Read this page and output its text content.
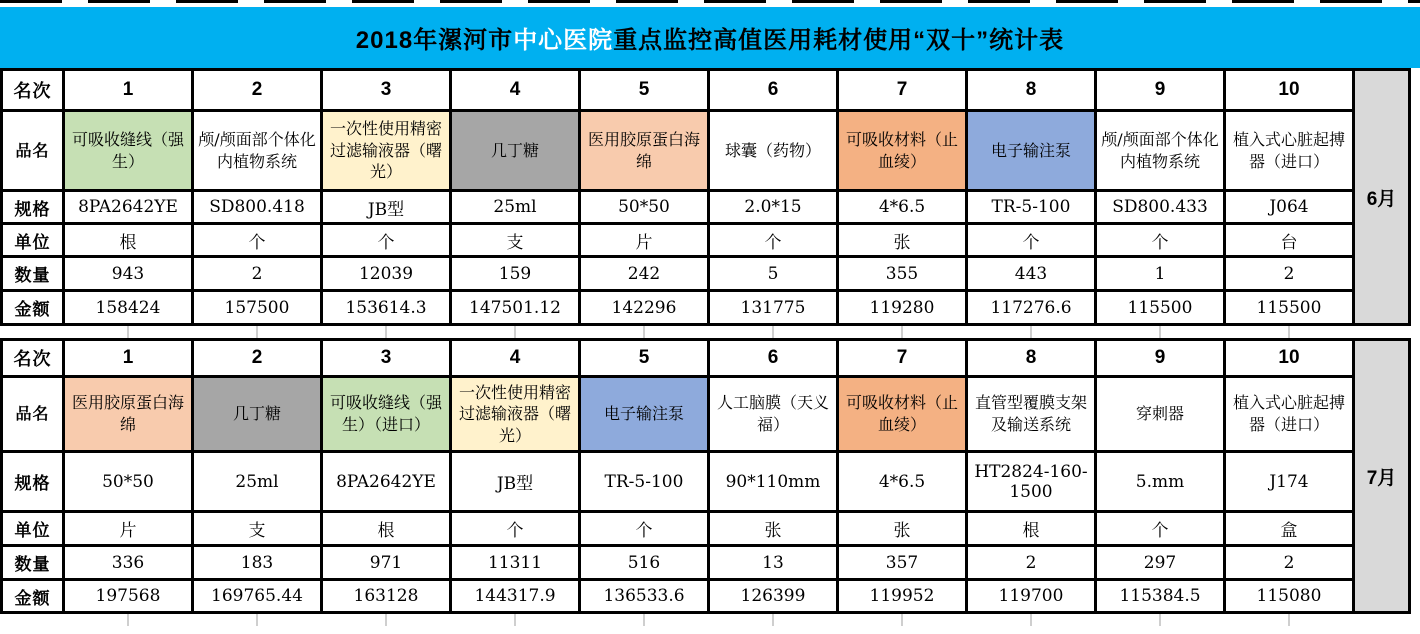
2018年漯河市 中心医院 重点监控高值医用耗材使用“双十”统计表
名次	1	2	3	4	5	6	7	8	9	10	6月
品名	可吸收缝线（强生）	颅/颅面部个体化内植物系统	一次性使用精密过滤输液器（曙光）	几丁糖	医用胶原蛋白海绵	球囊（药物）	可吸收材料（止血绫）	电子输注泵	颅/颅面部个体化内植物系统	植入式心脏起搏器（进口）	
规格	8PA2642YE	SD800.418	JB型	25ml	50*50	2.0*15	4*6.5	TR-5-100	SD800.433	J064	
单位	根	个	个	支	片	个	张	个	个	台	
数量	943	2	12039	159	242	5	355	443	1	2	
金额	158424	157500	153614.3	147501.12	142296	131775	119280	117276.6	115500	115500	
名次	1	2	3	4	5	6	7	8	9	10	7月
品名	医用胶原蛋白海绵	几丁糖	可吸收缝线（强生）（进口）	一次性使用精密过滤输液器（曙光）	电子输注泵	人工脑膜（天义福）	可吸收材料（止血绫）	直管型覆膜支架及输送系统	穿刺器	植入式心脏起搏器（进口）	
规格	50*50	25ml	8PA2642YE	JB型	TR-5-100	90*110mm	4*6.5	HT2824-160-1500	5.mm	J174	
单位	片	支	根	个	个	张	张	根	个	盒	
数量	336	183	971	11311	516	13	357	2	297	2	
金额	197568	169765.44	163128	144317.9	136533.6	126399	119952	119700	115384.5	115080	
